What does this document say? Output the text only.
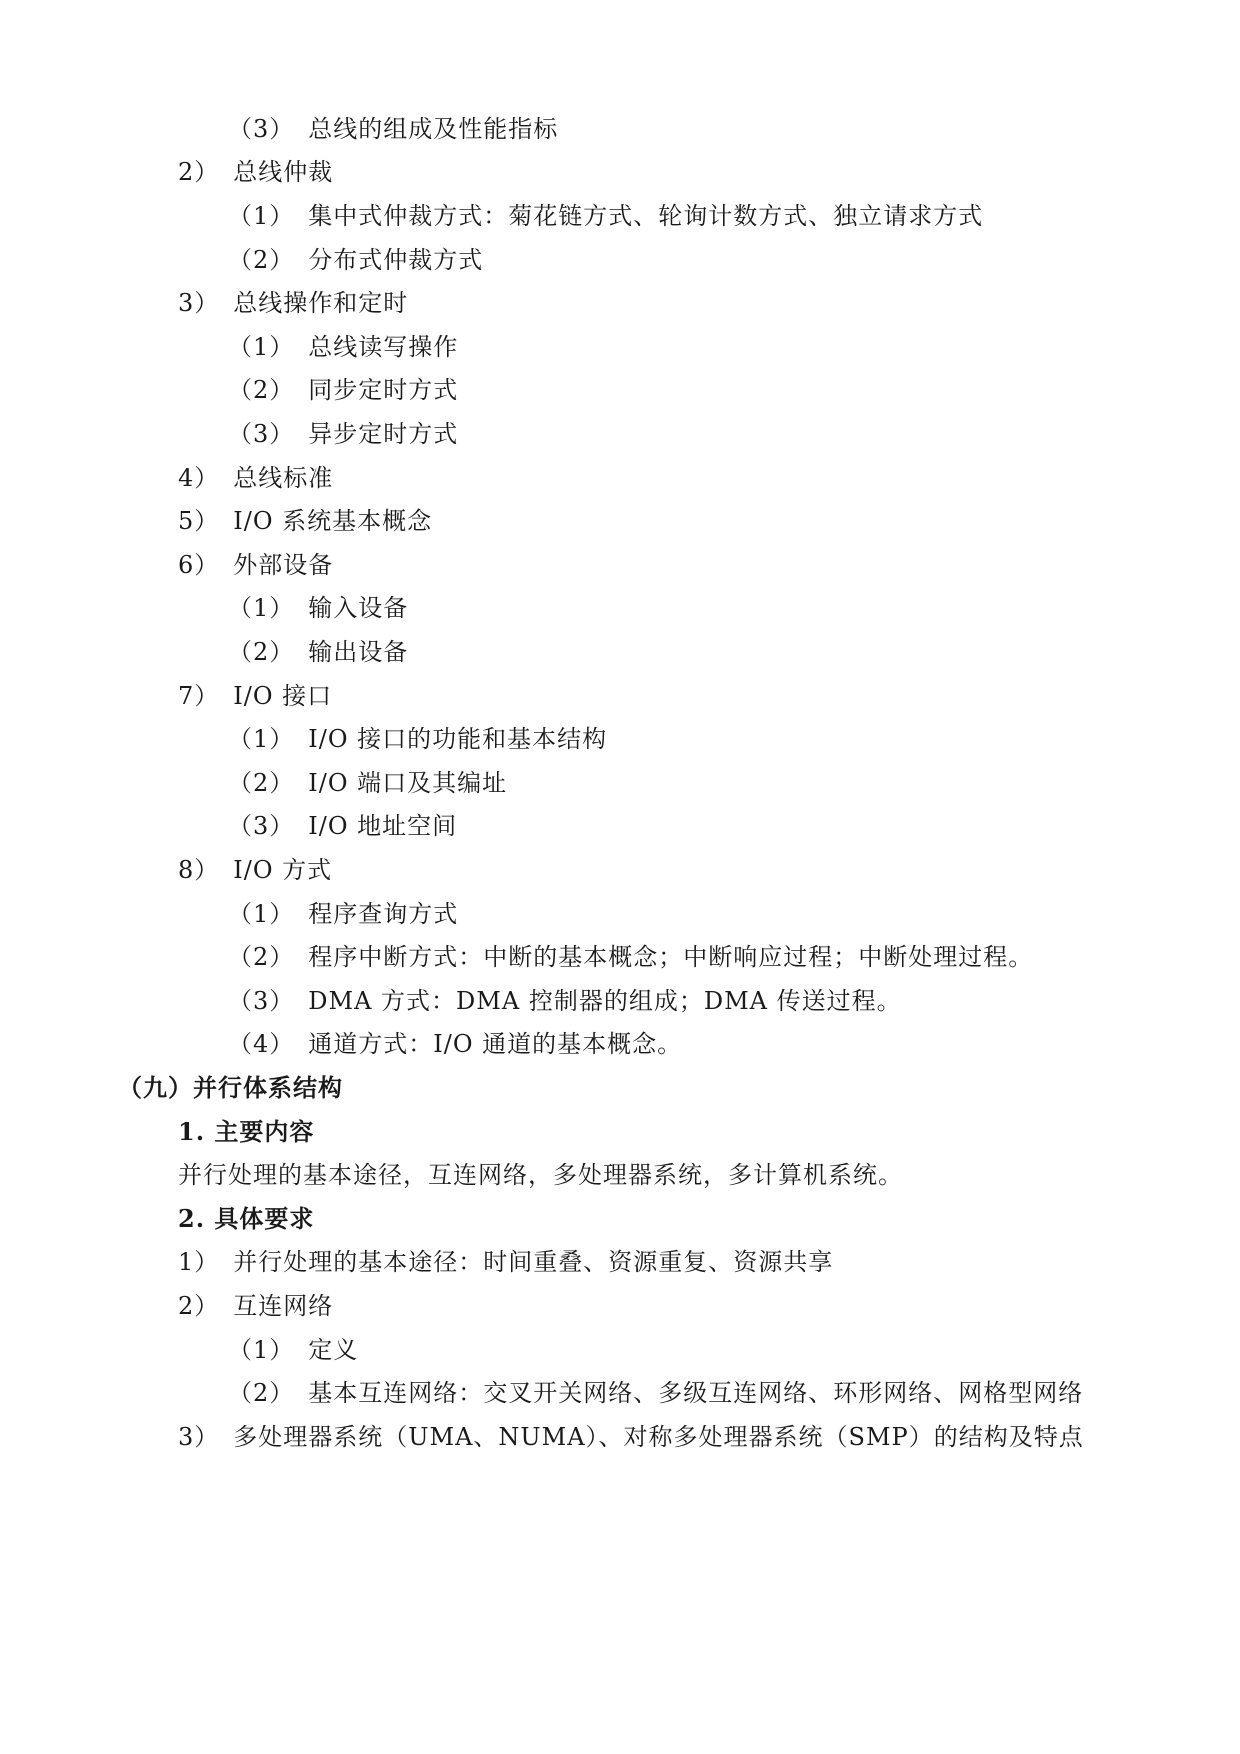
（3） 总线的组成及性能指标
2） 总线仲裁
（1） 集中式仲裁方式：菊花链方式、轮询计数方式、独立请求方式
（2） 分布式仲裁方式
3） 总线操作和定时
（1） 总线读写操作
（2） 同步定时方式
（3） 异步定时方式
4） 总线标准
5） I/O 系统基本概念
6） 外部设备
（1） 输入设备
（2） 输出设备
7） I/O 接口
（1） I/O 接口的功能和基本结构
（2） I/O 端口及其编址
（3） I/O 地址空间
8） I/O 方式
（1） 程序查询方式
（2） 程序中断方式：中断的基本概念；中断响应过程；中断处理过程。
（3） DMA 方式：DMA 控制器的组成；DMA 传送过程。
（4） 通道方式：I/O 通道的基本概念。
（九）并行体系结构
1. 主要内容
并行处理的基本途径，互连网络，多处理器系统，多计算机系统。
2. 具体要求
1） 并行处理的基本途径：时间重叠、资源重复、资源共享
2） 互连网络
（1） 定义
（2） 基本互连网络：交叉开关网络、多级互连网络、环形网络、网格型网络
3） 多处理器系统（UMA、NUMA）、对称多处理器系统（SMP）的结构及特点
